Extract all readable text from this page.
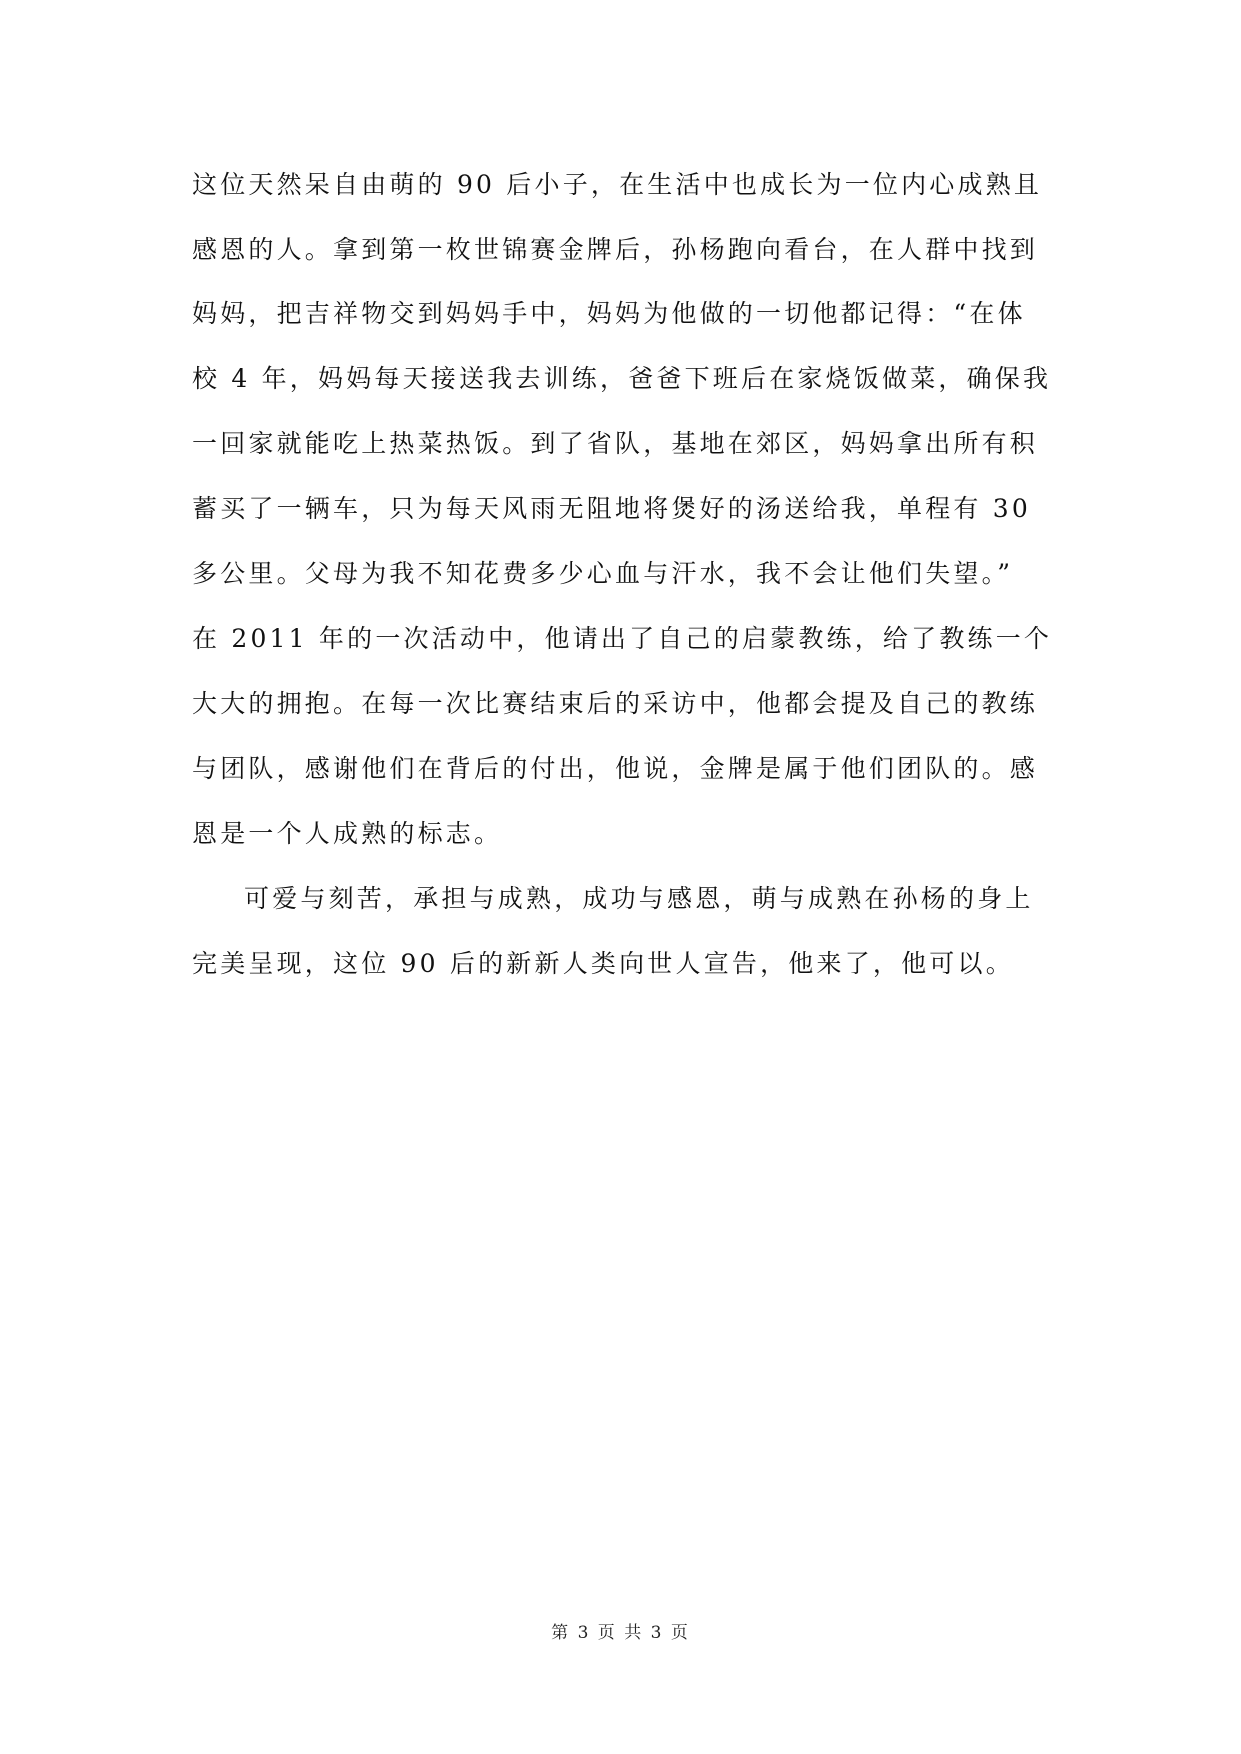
这位天然呆自由萌的 90 后小子，在生活中也成长为一位内心成熟且
感恩的人。拿到第一枚世锦赛金牌后，孙杨跑向看台，在人群中找到
妈妈，把吉祥物交到妈妈手中，妈妈为他做的一切他都记得：“在体
校 4 年，妈妈每天接送我去训练，爸爸下班后在家烧饭做菜，确保我
一回家就能吃上热菜热饭。到了省队，基地在郊区，妈妈拿出所有积
蓄买了一辆车，只为每天风雨无阻地将煲好的汤送给我，单程有 30
多公里。父母为我不知花费多少心血与汗水，我不会让他们失望。”
在 2011 年的一次活动中，他请出了自己的启蒙教练，给了教练一个
大大的拥抱。在每一次比赛结束后的采访中，他都会提及自己的教练
与团队，感谢他们在背后的付出，他说，金牌是属于他们团队的。感
恩是一个人成熟的标志。
可爱与刻苦，承担与成熟，成功与感恩，萌与成熟在孙杨的身上
完美呈现，这位 90 后的新新人类向世人宣告，他来了，他可以。
第 3 页 共 3 页
